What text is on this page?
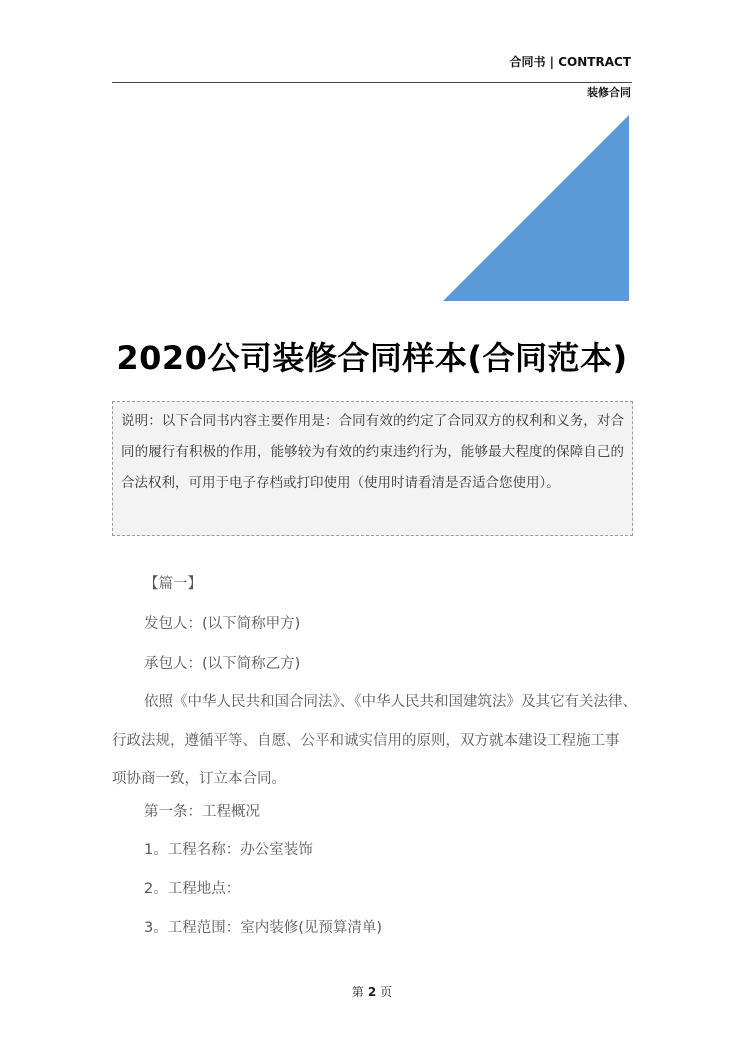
合同书 | CONTRACT
装修合同
2020公司装修合同样本(合同范本)
说明：以下合同书内容主要作用是：合同有效的约定了合同双方的权利和义务，对合同的履行有积极的作用，能够较为有效的约束违约行为，能够最大程度的保障自己的合法权利，可用于电子存档或打印使用（使用时请看清是否适合您使用）。
【篇一】
发包人：(以下简称甲方)
承包人：(以下简称乙方)
依照《中华人民共和国合同法》、《中华人民共和国建筑法》及其它有关法律、
行政法规，遵循平等、自愿、公平和诚实信用的原则，双方就本建设工程施工事
项协商一致，订立本合同。
第一条：工程概况
1。工程名称：办公室装饰
2。工程地点：
3。工程范围：室内装修(见预算清单)
第 2 页
